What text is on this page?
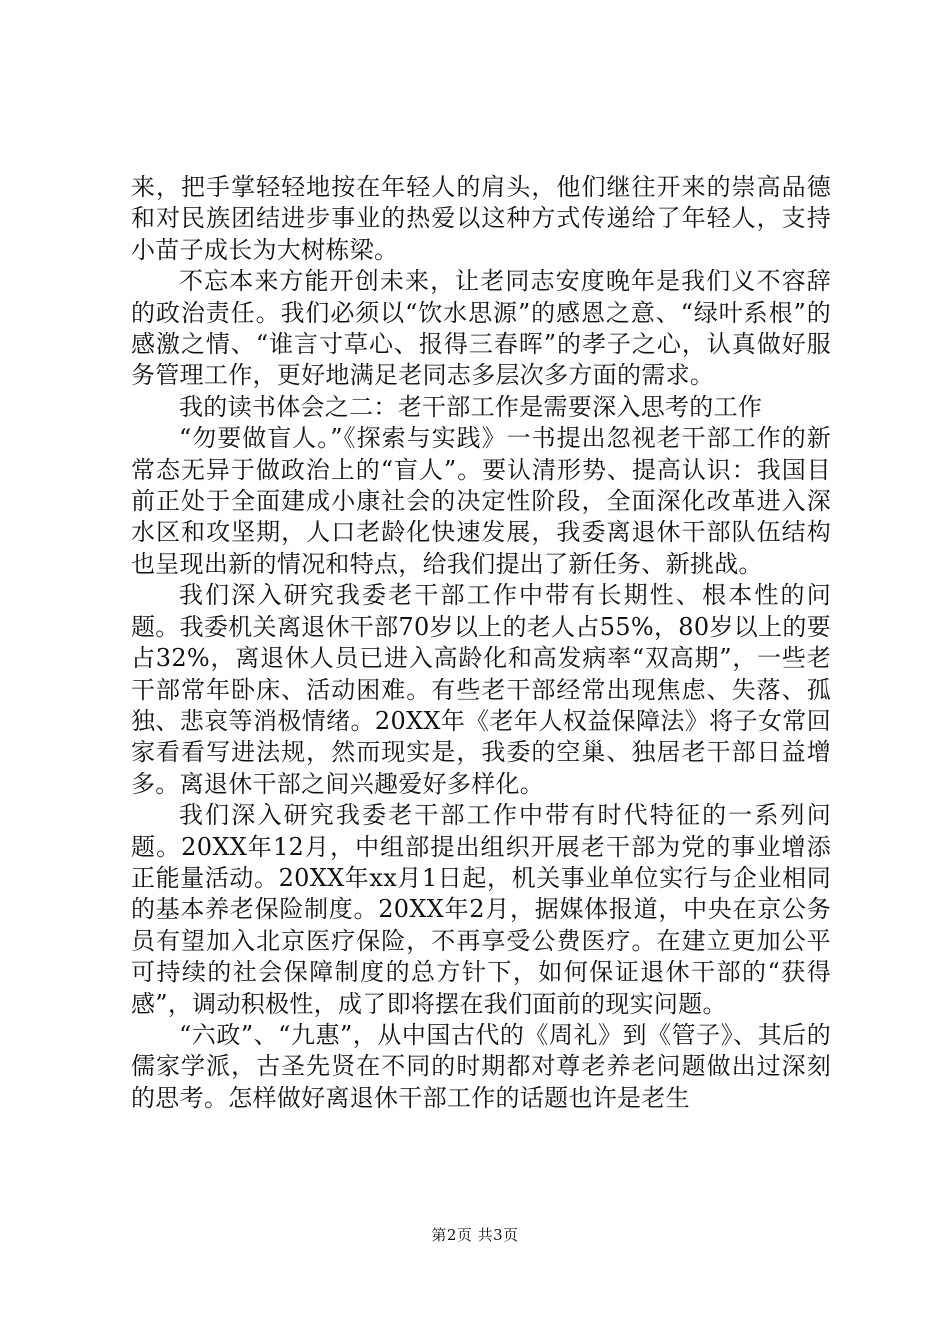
来，把手掌轻轻地按在年轻人的肩头，他们继往开来的崇高品德和对民族团结进步事业的热爱以这种方式传递给了年轻人，支持小苗子成长为大树栋梁。

不忘本来方能开创未来，让老同志安度晚年是我们义不容辞的政治责任。我们必须以“饮水思源”的感恩之意、“绿叶系根”的感激之情、“谁言寸草心、报得三春晖”的孝子之心，认真做好服务管理工作，更好地满足老同志多层次多方面的需求。

我的读书体会之二：老干部工作是需要深入思考的工作

“勿要做盲人。”《探索与实践》一书提出忽视老干部工作的新常态无异于做政治上的“盲人”。要认清形势、提高认识：我国目前正处于全面建成小康社会的决定性阶段，全面深化改革进入深水区和攻坚期，人口老龄化快速发展，我委离退休干部队伍结构也呈现出新的情况和特点，给我们提出了新任务、新挑战。

我们深入研究我委老干部工作中带有长期性、根本性的问题。我委机关离退休干部70岁以上的老人占55%，80岁以上的要占32%，离退休人员已进入高龄化和高发病率“双高期”，一些老干部常年卧床、活动困难。有些老干部经常出现焦虑、失落、孤独、悲哀等消极情绪。20XX年《老年人权益保障法》将子女常回家看看写进法规，然而现实是，我委的空巢、独居老干部日益增多。离退休干部之间兴趣爱好多样化。

我们深入研究我委老干部工作中带有时代特征的一系列问题。20XX年12月，中组部提出组织开展老干部为党的事业增添正能量活动。20XX年xx月1日起，机关事业单位实行与企业相同的基本养老保险制度。20XX年2月，据媒体报道，中央在京公务员有望加入北京医疗保险，不再享受公费医疗。在建立更加公平可持续的社会保障制度的总方针下，如何保证退休干部的“获得感”，调动积极性，成了即将摆在我们面前的现实问题。

“六政”、“九惠”，从中国古代的《周礼》到《管子》、其后的儒家学派，古圣先贤在不同的时期都对尊老养老问题做出过深刻的思考。怎样做好离退休干部工作的话题也许是老生

第2页 共3页
